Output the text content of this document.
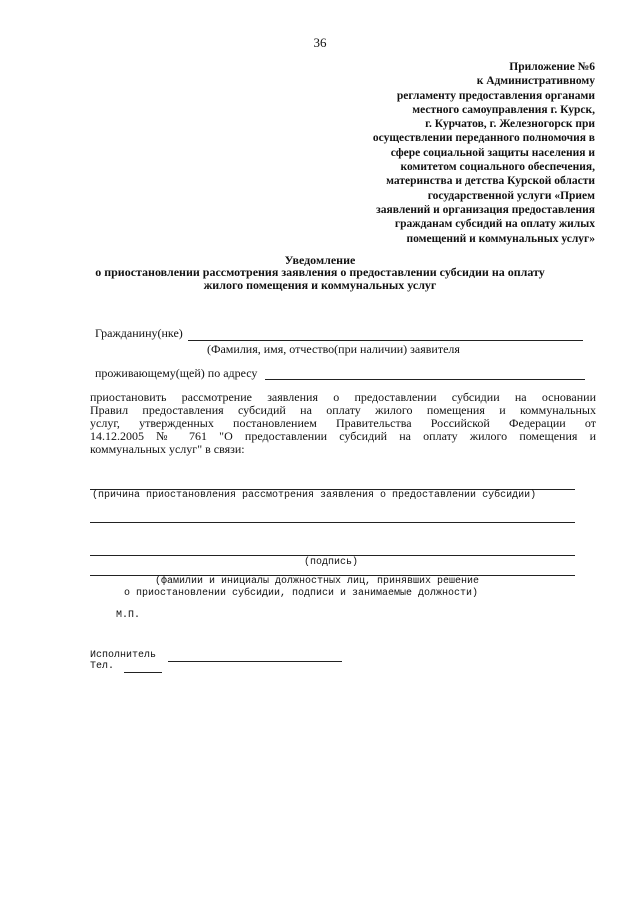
36
Приложение №6
к Административному
регламенту предоставления органами
местного самоуправления г. Курск,
г. Курчатов, г. Железногорск при
осуществлении переданного полномочия в
сфере социальной защиты населения и
комитетом социального обеспечения,
материнства и детства Курской области
государственной услуги «Прием
заявлений и организация предоставления
гражданам субсидий на оплату жилых
помещений и коммунальных услуг»
Уведомление
о приостановлении рассмотрения заявления о предоставлении субсидии на оплату
жилого помещения и коммунальных услуг
Гражданину(нке)
(Фамилия, имя, отчество(при наличии) заявителя
проживающему(щей) по адресу
приостановить рассмотрение заявления о предоставлении субсидии на основании
Правил предоставления субсидий на оплату жилого помещения и коммунальных
услуг, утвержденных постановлением Правительства Российской Федерации от
14.12.2005 № 761 "О предоставлении субсидий на оплату жилого помещения и
коммунальных услуг" в связи:
(причина приостановления рассмотрения заявления о предоставлении субсидии)
(подпись)
(фамилии и инициалы должностных лиц, принявших решение
о приостановлении субсидии, подписи и занимаемые должности)
М.П.
Исполнитель
Тел.
